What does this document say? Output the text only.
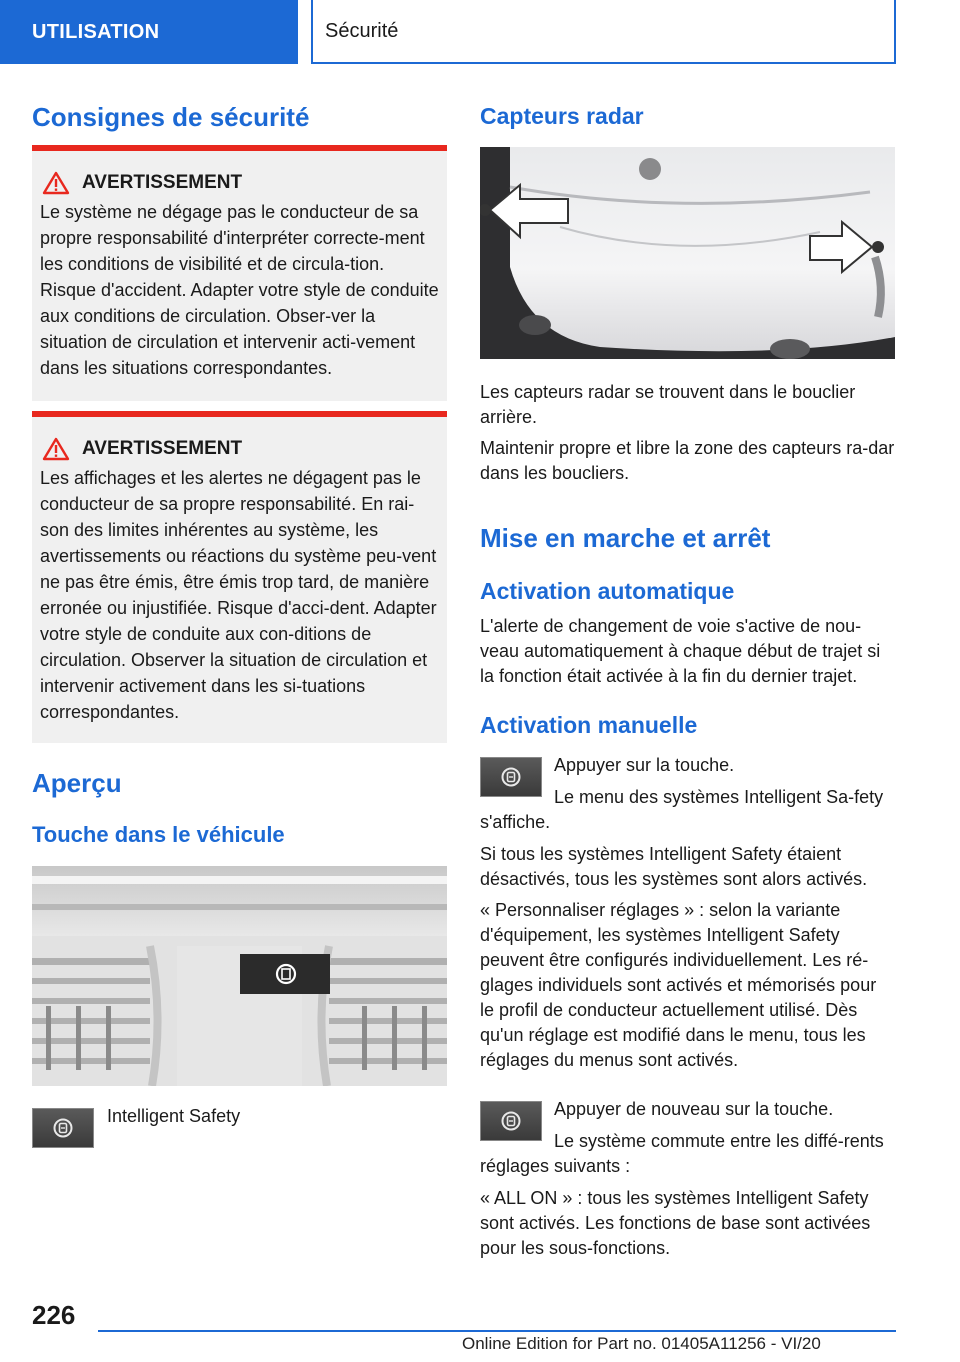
UTILISATION	Sécurité
Consignes de sécurité
AVERTISSEMENT

Le système ne dégage pas le conducteur de sa propre responsabilité d'interpréter correcte-ment les conditions de visibilité et de circula-tion. Risque d'accident. Adapter votre style de conduite aux conditions de circulation. Obser-ver la situation de circulation et intervenir acti-vement dans les situations correspondantes.

AVERTISSEMENT

Les affichages et les alertes ne dégagent pas le conducteur de sa propre responsabilité. En rai-son des limites inhérentes au système, les avertissements ou réactions du système peu-vent ne pas être émis, être émis trop tard, de manière erronée ou injustifiée. Risque d'acci-dent. Adapter votre style de conduite aux con-ditions de circulation. Observer la situation de circulation et intervenir activement dans les si-tuations correspondantes.

Aperçu
Touche dans le véhicule

Intelligent Safety

Capteurs radar

Les capteurs radar se trouvent dans le bouclier arrière.

Maintenir propre et libre la zone des capteurs ra-dar dans les boucliers.

Mise en marche et arrêt
Activation automatique

L'alerte de changement de voie s'active de nou-veau automatiquement à chaque début de trajet si la fonction était activée à la fin du dernier trajet.

Activation manuelle

Appuyer sur la touche.

Le menu des systèmes Intelligent Sa-fety s'affiche.

Si tous les systèmes Intelligent Safety étaient désactivés, tous les systèmes sont alors activés.

« Personnaliser réglages » : selon la variante d'équipement, les systèmes Intelligent Safety peuvent être configurés individuellement. Les ré-glages individuels sont activés et mémorisés pour le profil de conducteur actuellement utilisé. Dès qu'un réglage est modifié dans le menu, tous les réglages du menus sont activés.

Appuyer de nouveau sur la touche.

Le système commute entre les diffé-rents réglages suivants :

« ALL ON » : tous les systèmes Intelligent Safety sont activés. Les fonctions de base sont activées pour les sous-fonctions.

226
Online Edition for Part no. 01405A11256 - VI/20
